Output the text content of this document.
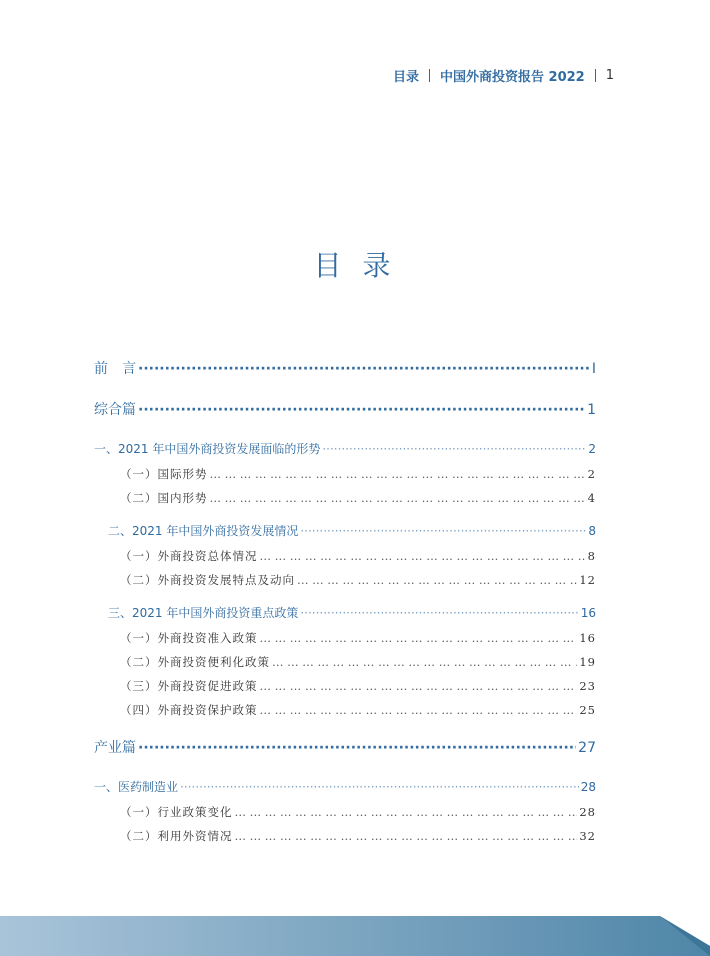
目录 中国外商投资报告 2022 1
目 录
前　言 ·····	I
综合篇 ·····	1
一、2021 年中国外商投资发展面临的形势 ·····	2
（一）国际形势 … … … … … … … … … … … … … … … … … … … … … … … … … … … … … … … … … … … … … … … … … … … … … … … … … … … … … … … … … … … … … … … … … … … … …	2
（二）国内形势 … … … … … … … … … … … … … … … … … … … … … … … … … … … … … … … … … … … … … … … … … … … … … … … … … … … … … … … … … … … … … … … … … … … … …	4
二、2021 年中国外商投资发展情况 ·····	8
（一）外商投资总体情况 … … … … … … … … … … … … … … … … … … … … … … … … … … … … … … … … … … … … … … … … … … … … … … … … … … … … … … … … … … … … … … … … … … … … …	8
（二）外商投资发展特点及动向 … … … … … … … … … … … … … … … … … … … … … … … … … … … … … … … … … … … … … … … … … … … … … … … … … … … … … … … … … … … … … … … … … … … … …	12
三、2021 年中国外商投资重点政策 ·····	16
（一）外商投资准入政策 … … … … … … … … … … … … … … … … … … … … … … … … … … … … … … … … … … … … … … … … … … … … … … … … … … … … … … … … … … … … … … … … … … … … …	16
（二）外商投资便利化政策 … … … … … … … … … … … … … … … … … … … … … … … … … … … … … … … … … … … … … … … … … … … … … … … … … … … … … … … … … … … … … … … … … … … … …	19
（三）外商投资促进政策 … … … … … … … … … … … … … … … … … … … … … … … … … … … … … … … … … … … … … … … … … … … … … … … … … … … … … … … … … … … … … … … … … … … … …	23
（四）外商投资保护政策 … … … … … … … … … … … … … … … … … … … … … … … … … … … … … … … … … … … … … … … … … … … … … … … … … … … … … … … … … … … … … … … … … … … … …	25
产业篇 ·····	27
一、医药制造业 ·····	28
（一）行业政策变化 … … … … … … … … … … … … … … … … … … … … … … … … … … … … … … … … … … … … … … … … … … … … … … … … … … … … … … … … … … … … … … … … … … … … …	28
（二）利用外资情况 … … … … … … … … … … … … … … … … … … … … … … … … … … … … … … … … … … … … … … … … … … … … … … … … … … … … … … … … … … … … … … … … … … … … …	32
